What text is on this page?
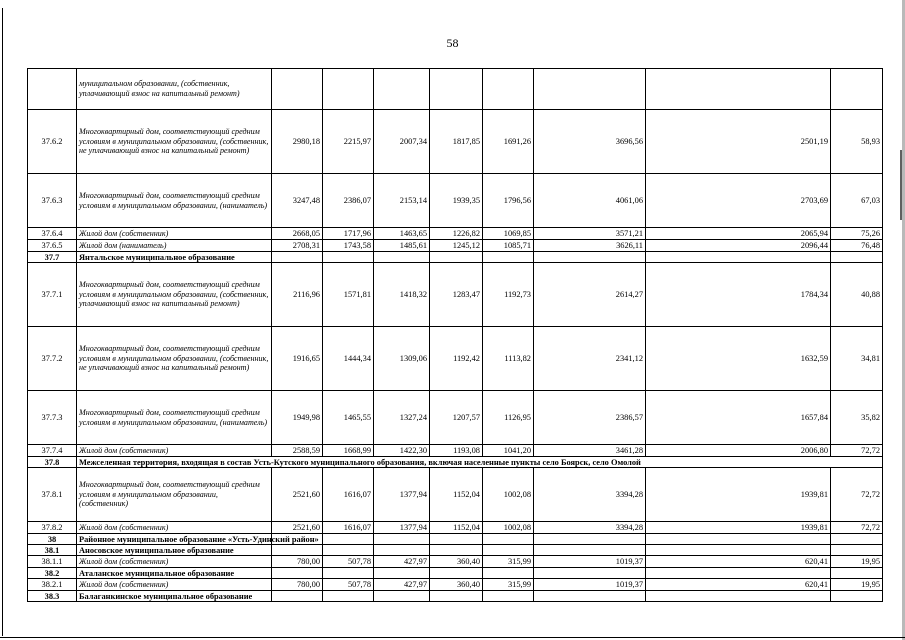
58
	муниципальном образовании, (собственник, уплачивающий взнос на капитальный ремонт)								
37.6.2	Многоквартирный дом, соответствующий средним условиям в муниципальном образовании, (собственник, не уплачивающий взнос на капитальный ремонт)	2980,18	2215,97	2007,34	1817,85	1691,26	3696,56	2501,19	58,93
37.6.3	Многоквартирный дом, соответствующий средним условиям в муниципальном образовании, (наниматель)	3247,48	2386,07	2153,14	1939,35	1796,56	4061,06	2703,69	67,03
37.6.4	Жилой дом (собственник)	2668,05	1717,96	1463,65	1226,82	1069,85	3571,21	2065,94	75,26
37.6.5	Жилой дом (наниматель)	2708,31	1743,58	1485,61	1245,12	1085,71	3626,11	2096,44	76,48
37.7	Янтальское муниципальное образование								
37.7.1	Многоквартирный дом, соответствующий средним условиям в муниципальном образовании, (собственник, уплачивающий взнос на капитальный ремонт)	2116,96	1571,81	1418,32	1283,47	1192,73	2614,27	1784,34	40,88
37.7.2	Многоквартирный дом, соответствующий средним условиям в муниципальном образовании, (собственник, не уплачивающий взнос на капитальный ремонт)	1916,65	1444,34	1309,06	1192,42	1113,82	2341,12	1632,59	34,81
37.7.3	Многоквартирный дом, соответствующий средним условиям в муниципальном образовании, (наниматель)	1949,98	1465,55	1327,24	1207,57	1126,95	2386,57	1657,84	35,82
37.7.4	Жилой дом (собственник)	2588,59	1668,99	1422,30	1193,08	1041,20	3461,28	2006,80	72,72
37.8	Межселенная территория, входящая в состав Усть-Кутского муниципального образования, включая населенные пункты село Боярск, село Омолой								
37.8.1	Многоквартирный дом, соответствующий средним условиям в муниципальном образовании, (собственник)	2521,60	1616,07	1377,94	1152,04	1002,08	3394,28	1939,81	72,72
37.8.2	Жилой дом (собственник)	2521,60	1616,07	1377,94	1152,04	1002,08	3394,28	1939,81	72,72
38	Районное муниципальное образование «Усть-Удинский район»								
38.1	Аносовское муниципальное образование								
38.1.1	Жилой дом (собственник)	780,00	507,78	427,97	360,40	315,99	1019,37	620,41	19,95
38.2	Аталанское муниципальное образование								
38.2.1	Жилой дом (собственник)	780,00	507,78	427,97	360,40	315,99	1019,37	620,41	19,95
38.3	Балаганкинское муниципальное образование								
